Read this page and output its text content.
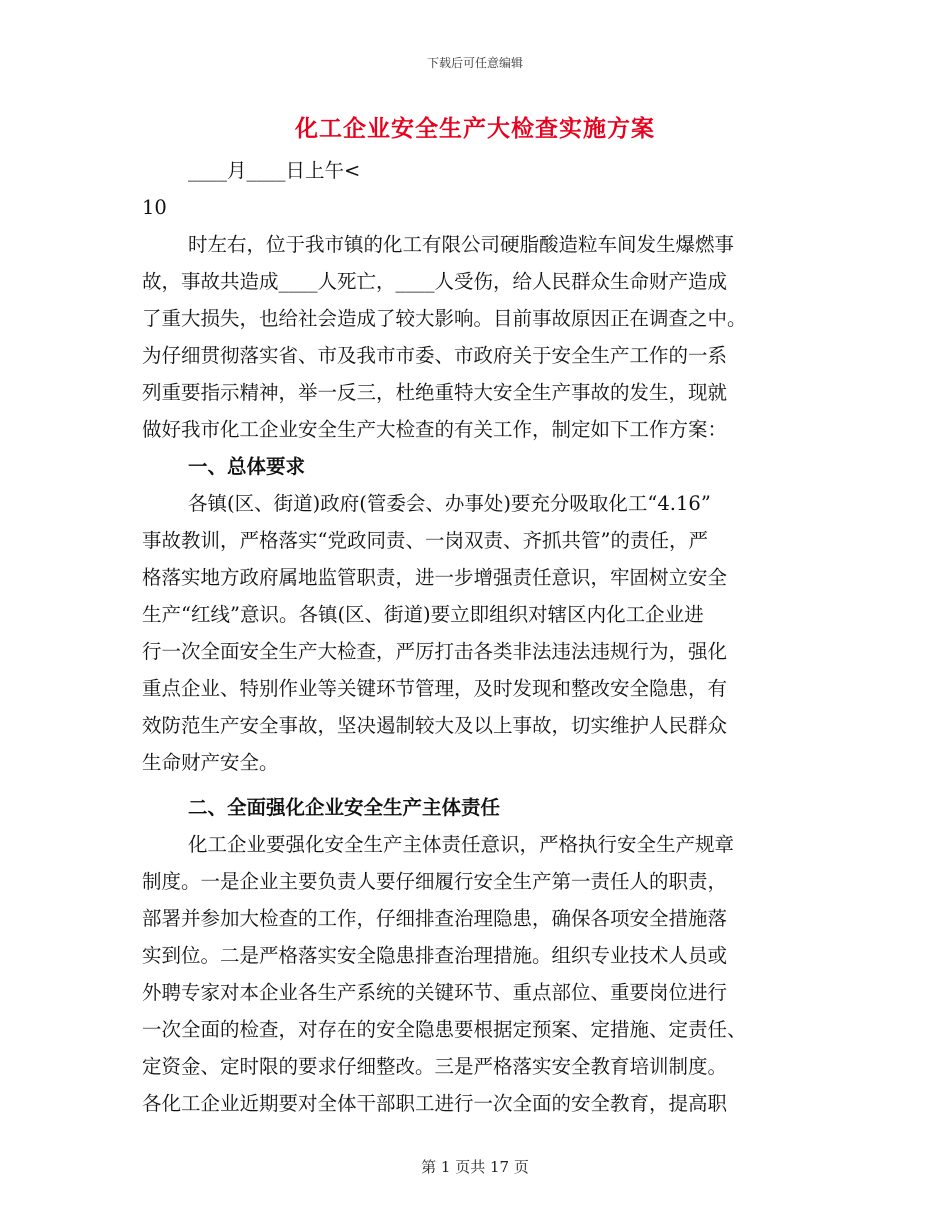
下载后可任意编辑
化工企业安全生产大检查实施方案
____月____日上午<
10
时左右，位于我市镇的化工有限公司硬脂酸造粒车间发生爆燃事
故，事故共造成____人死亡，____人受伤，给人民群众生命财产造成
了重大损失，也给社会造成了较大影响。目前事故原因正在调查之中。
为仔细贯彻落实省、市及我市市委、市政府关于安全生产工作的一系
列重要指示精神，举一反三，杜绝重特大安全生产事故的发生，现就
做好我市化工企业安全生产大检查的有关工作，制定如下工作方案：
一、总体要求
各镇(区、街道)政府(管委会、办事处)要充分吸取化工“4.16”
事故教训，严格落实“党政同责、一岗双责、齐抓共管”的责任，严
格落实地方政府属地监管职责，进一步增强责任意识，牢固树立安全
生产“红线”意识。各镇(区、街道)要立即组织对辖区内化工企业进
行一次全面安全生产大检查，严厉打击各类非法违法违规行为，强化
重点企业、特别作业等关键环节管理，及时发现和整改安全隐患，有
效防范生产安全事故，坚决遏制较大及以上事故，切实维护人民群众
生命财产安全。
二、全面强化企业安全生产主体责任
化工企业要强化安全生产主体责任意识，严格执行安全生产规章
制度。一是企业主要负责人要仔细履行安全生产第一责任人的职责，
部署并参加大检查的工作，仔细排查治理隐患，确保各项安全措施落
实到位。二是严格落实安全隐患排查治理措施。组织专业技术人员或
外聘专家对本企业各生产系统的关键环节、重点部位、重要岗位进行
一次全面的检查，对存在的安全隐患要根据定预案、定措施、定责任、
定资金、定时限的要求仔细整改。三是严格落实安全教育培训制度。
各化工企业近期要对全体干部职工进行一次全面的安全教育，提高职
第 1 页共 17 页
